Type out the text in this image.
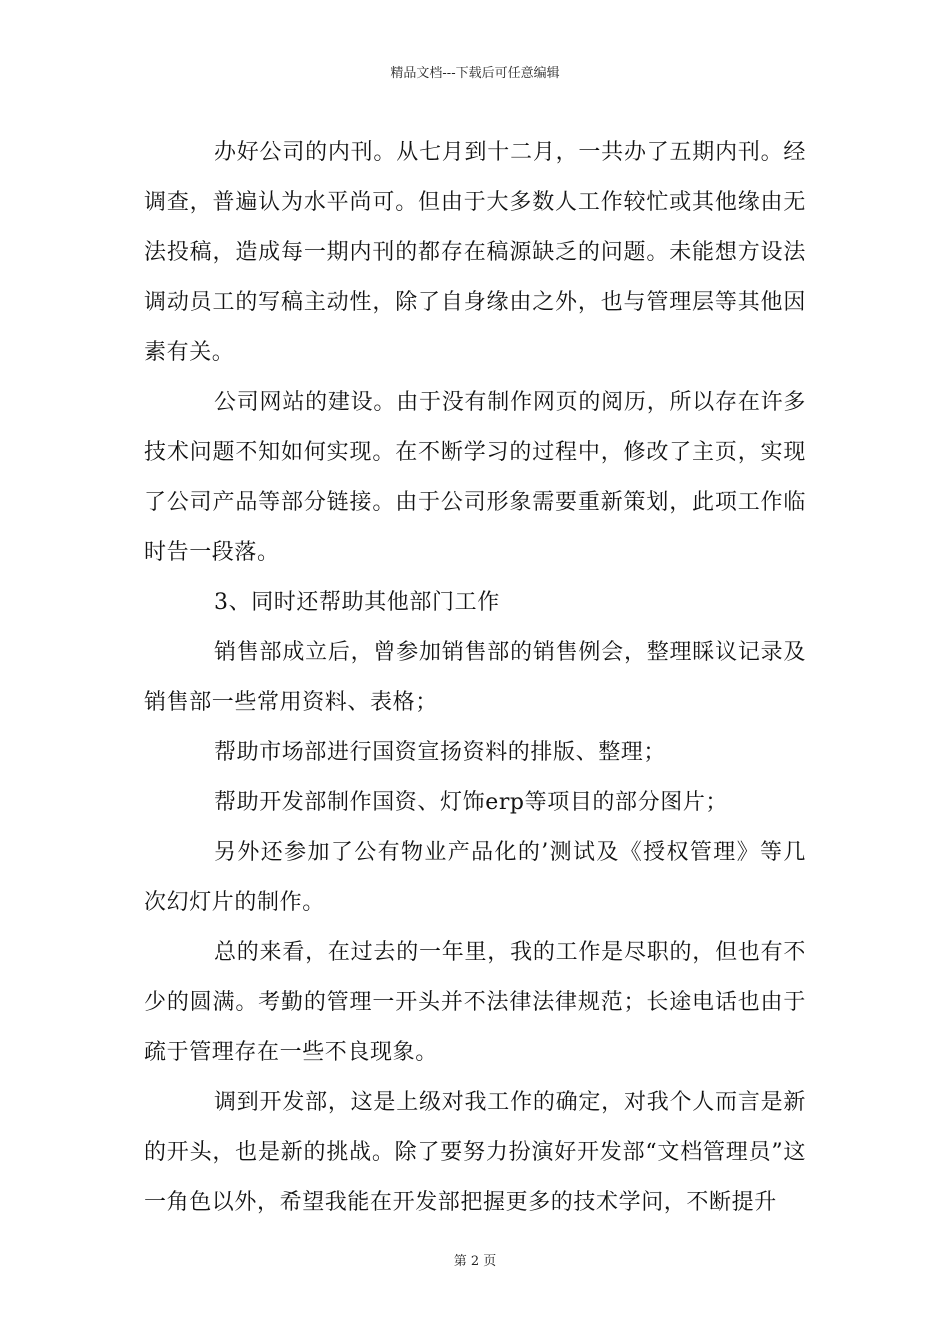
精品文档---下载后可任意编辑

办好公司的内刊。从七月到十二月，一共办了五期内刊。经调查，普遍认为水平尚可。但由于大多数人工作较忙或其他缘由无法投稿，造成每一期内刊的都存在稿源缺乏的问题。未能想方设法调动员工的写稿主动性，除了自身缘由之外，也与管理层等其他因素有关。

公司网站的建设。由于没有制作网页的阅历，所以存在许多技术问题不知如何实现。在不断学习的过程中，修改了主页，实现了公司产品等部分链接。由于公司形象需要重新策划，此项工作临时告一段落。

3、同时还帮助其他部门工作

销售部成立后，曾参加销售部的销售例会，整理睬议记录及销售部一些常用资料、表格；

帮助市场部进行国资宣扬资料的排版、整理；

帮助开发部制作国资、灯饰erp等项目的部分图片；

另外还参加了公有物业产品化的’测试及《授权管理》等几次幻灯片的制作。

总的来看，在过去的一年里，我的工作是尽职的，但也有不少的圆满。考勤的管理一开头并不法律法律规范；长途电话也由于疏于管理存在一些不良现象。

调到开发部，这是上级对我工作的确定，对我个人而言是新的开头，也是新的挑战。除了要努力扮演好开发部“文档管理员”这一角色以外，希望我能在开发部把握更多的技术学问，不断提升

第 2 页
